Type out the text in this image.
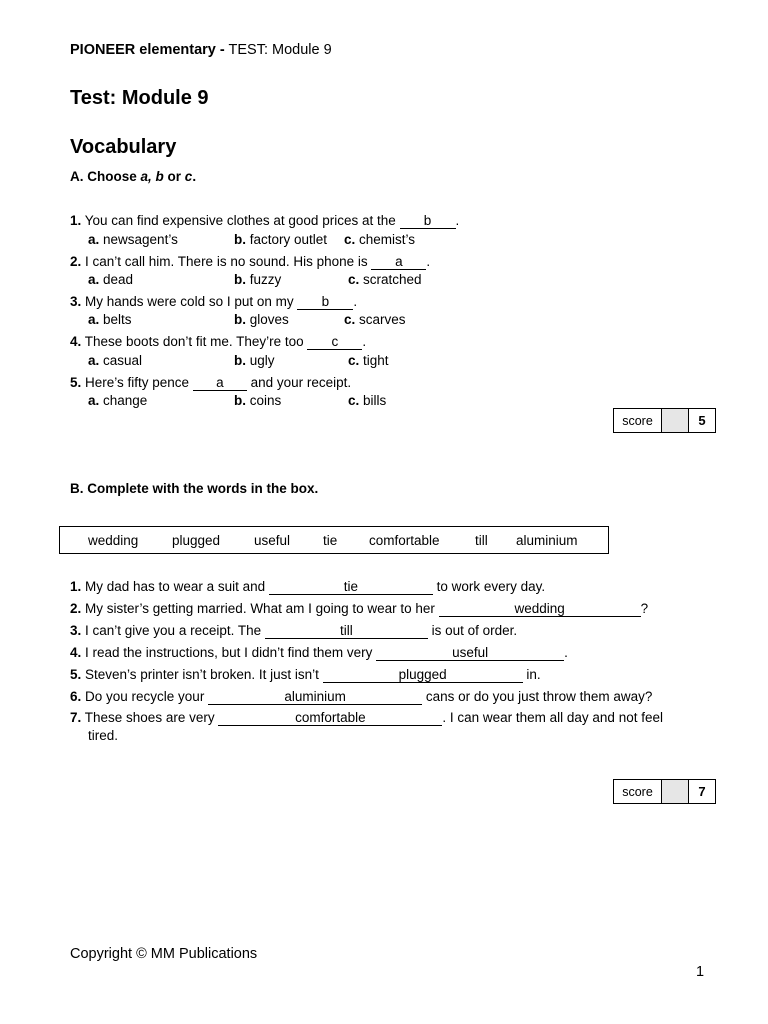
PIONEER elementary - TEST: Module 9
Test: Module 9
Vocabulary
A. Choose a, b or c.
1. You can find expensive clothes at good prices at the b .
a. newsagent’s	b. factory outlet c. chemist’s
2. I can’t call him. There is no sound. His phone is a .
a. dead	b. fuzzy	c. scratched
3. My hands were cold so I put on my b .
a. belts	b. gloves	c. scarves
4. These boots don’t fit me. They’re too c .
a. casual	b. ugly	c. tight
5. Here’s fifty pence a and your receipt.
a. change	b. coins	c. bills
score	5
B. Complete with the words in the box.
wedding plugged	useful tie comfortable	till aluminium
1. My dad has to wear a suit and	tie	to work every day.
2. My sister’s getting married. What am I going to wear to her	wedding	?
3. I can’t give you a receipt. The	till	is out of order.
4. I read the instructions, but I didn’t find them very	useful	.
5. Steven’s printer isn’t broken. It just isn’t	plugged	in.
6. Do you recycle your	aluminium	cans or do you just throw them away?
7. These shoes are very	comfortable	. I can wear them all day and not feel
tired.
score	7
Copyright © MM Publications
1
